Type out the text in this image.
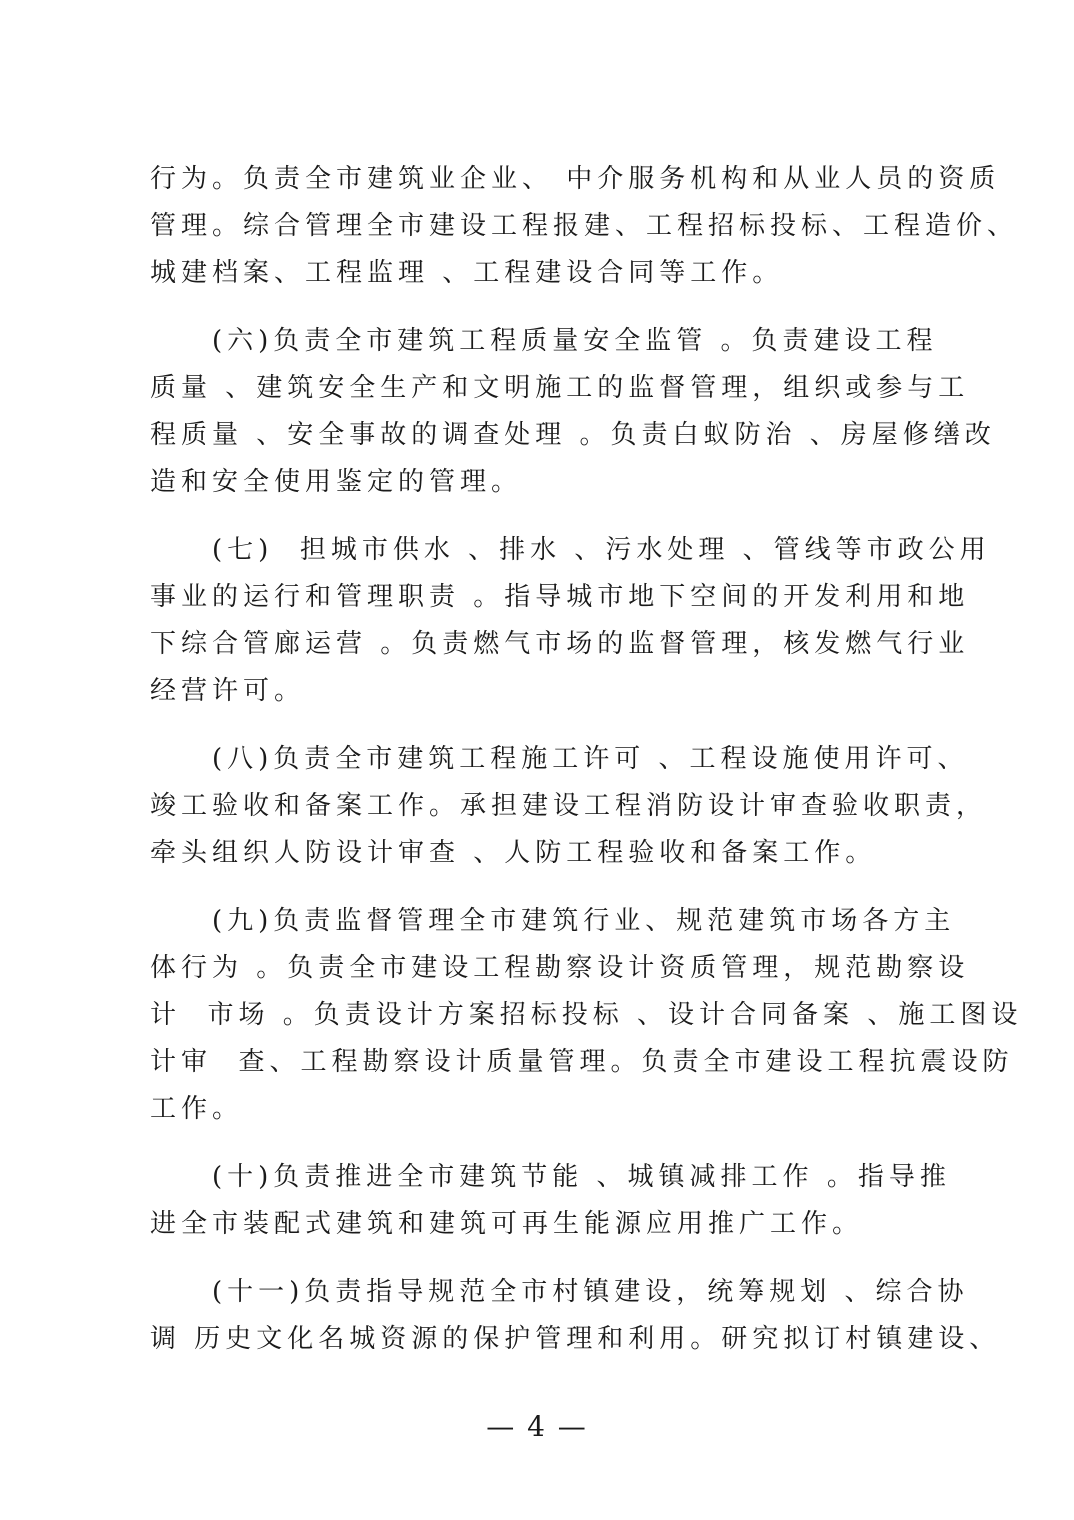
行为。负责全市建筑业企业、 中介服务机构和从业人员的资质
管理。综合管理全市建设工程报建、工程招标投标、工程造价、
城建档案、工程监理 、工程建设合同等工作。
(六)负责全市建筑工程质量安全监管 。负责建设工程
质量 、建筑安全生产和文明施工的监督管理，组织或参与工
程质量 、安全事故的调查处理 。负责白蚁防治 、房屋修缮改
造和安全使用鉴定的管理。
(七)  担城市供水 、排水 、污水处理 、管线等市政公用
事业的运行和管理职责 。指导城市地下空间的开发利用和地
下综合管廊运营 。负责燃气市场的监督管理，核发燃气行业
经营许可。
(八)负责全市建筑工程施工许可 、工程设施使用许可、
竣工验收和备案工作。承担建设工程消防设计审查验收职责，
牵头组织人防设计审查 、人防工程验收和备案工作。
(九)负责监督管理全市建筑行业、规范建筑市场各方主
体行为 。负责全市建设工程勘察设计资质管理，规范勘察设
计  市场 。负责设计方案招标投标 、设计合同备案 、施工图设
计审  查、工程勘察设计质量管理。负责全市建设工程抗震设防
工作。
(十)负责推进全市建筑节能 、城镇减排工作 。指导推
进全市装配式建筑和建筑可再生能源应用推广工作。
(十一)负责指导规范全市村镇建设，统筹规划 、综合协
调 历史文化名城资源的保护管理和利用。研究拟订村镇建设、
— 4 —
